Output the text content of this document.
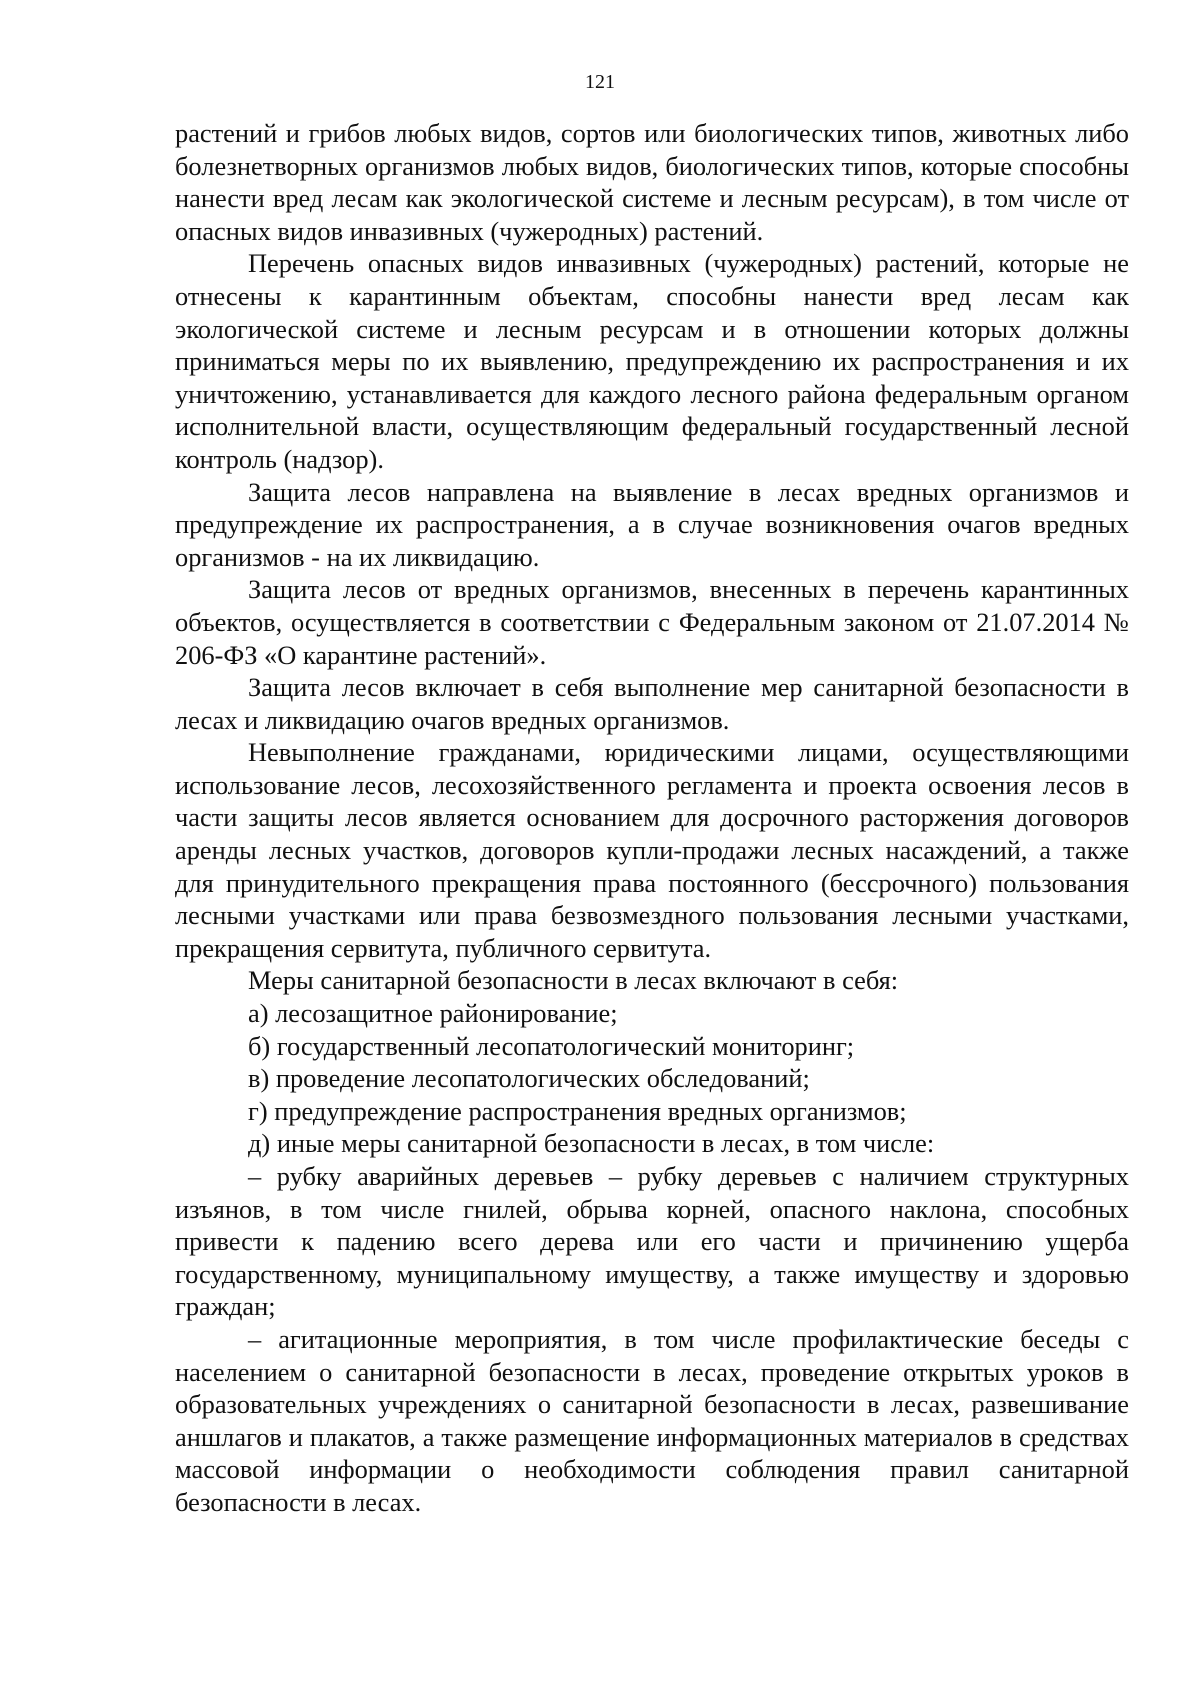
121

растений и грибов любых видов, сортов или биологических типов, животных либо болезнетворных организмов любых видов, биологических типов, которые способны нанести вред лесам как экологической системе и лесным ресурсам), в том числе от опасных видов инвазивных (чужеродных) растений.

Перечень опасных видов инвазивных (чужеродных) растений, которые не отнесены к карантинным объектам, способны нанести вред лесам как экологической системе и лесным ресурсам и в отношении которых должны приниматься меры по их выявлению, предупреждению их распространения и их уничтожению, устанавливается для каждого лесного района федеральным органом исполнительной власти, осуществляющим федеральный государственный лесной контроль (надзор).

Защита лесов направлена на выявление в лесах вредных организмов и предупреждение их распространения, а в случае возникновения очагов вредных организмов - на их ликвидацию.

Защита лесов от вредных организмов, внесенных в перечень карантинных объектов, осуществляется в соответствии с Федеральным законом от 21.07.2014 № 206-ФЗ «О карантине растений».

Защита лесов включает в себя выполнение мер санитарной безопасности в лесах и ликвидацию очагов вредных организмов.

Невыполнение гражданами, юридическими лицами, осуществляющими использование лесов, лесохозяйственного регламента и проекта освоения лесов в части защиты лесов является основанием для досрочного расторжения договоров аренды лесных участков, договоров купли-продажи лесных насаждений, а также для принудительного прекращения права постоянного (бессрочного) пользования лесными участками или права безвозмездного пользования лесными участками, прекращения сервитута, публичного сервитута.

Меры санитарной безопасности в лесах включают в себя:

а) лесозащитное районирование;

б) государственный лесопатологический мониторинг;

в) проведение лесопатологических обследований;

г) предупреждение распространения вредных организмов;

д) иные меры санитарной безопасности в лесах, в том числе:

– рубку аварийных деревьев – рубку деревьев с наличием структурных изъянов, в том числе гнилей, обрыва корней, опасного наклона, способных привести к падению всего дерева или его части и причинению ущерба государственному, муниципальному имуществу, а также имуществу и здоровью граждан;

– агитационные мероприятия, в том числе профилактические беседы с населением о санитарной безопасности в лесах, проведение открытых уроков в образовательных учреждениях о санитарной безопасности в лесах, развешивание аншлагов и плакатов, а также размещение информационных материалов в средствах массовой информации о необходимости соблюдения правил санитарной безопасности в лесах.
